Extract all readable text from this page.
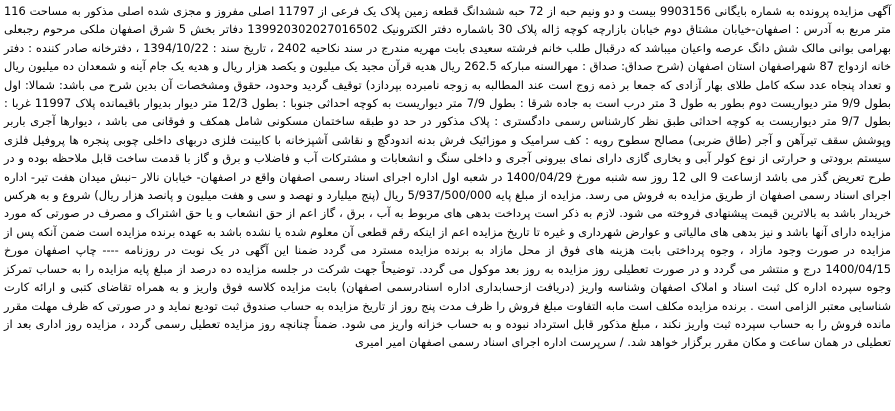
آگهی مزایده پرونده به شماره بایگانی 9903156 بیست و دو ونیم حبه از 72 حبه ششدانگ قطعه زمین پلاک یک فرعی از 11797 اصلی مفروز و مجزی شده اصلی مذکور به مساحت 116 متر مربع به آدرس : اصفهان-خیابان مشتاق دوم خیابان بازارچه کوچه ژاله پلاک 30 باشماره دفتر الکترونیک 139920302027016502 دفاتر بخش 5 شرق اصفهان ملکی مرحوم رجبعلی بهرامی بوانی مالک شش دانگ عرصه واعیان میباشد که درقبال طلب خانم فرشته سعیدی بابت مهریه مندرج در سند نکاحیه 2402 ، تاریخ سند : 1394/10/22 ، دفترخانه صادر کننده : دفتر خانه ازدواج 87 شهراصفهان استان اصفهان (شرح صداق: صداق : مهرالسنه مبارکه 262.5 ریال هدیه قرآن مجید یک میلیون و یکصد هزار ریال و هدیه یک جام آینه و شمعدان ده میلیون ریال و تعداد پنجاه عدد سکه کامل طلای بهار آزادی که جمعا بر ذمه زوج است عند المطالبه به زوجه نامبرده بپردازد) توقیف گردید وحدود، حقوق ومشخصات آن بدین شرح می باشد: شمالا: اول بطول 9/9 متر دیواریست دوم بطور به طول 3 متر درب است به جاده شرقا : بطول 7/9 متر دیواریست به کوچه احداثی جنوبا : بطول 12/3 متر دیوار بدیوار باقیمانده پلاک 11997 غربا : بطول 9/7 متر دیواریست به کوچه احداثی طبق نظر کارشناس رسمی دادگستری : پلاک مذکور در حد دو طبقه ساختمان مسکونی شامل همکف و فوقانی می باشد ، دیوارها آجری باربر وپوشش سقف تیرآهن و آجر (طاق ضربی) مصالح سطوح رویه : کف سرامیک و موزائیک فرش بدنه اندودگچ و نقاشی آشپزخانه با کابینت فلزی دربهای داخلی چوبی پنجره ها پروفیل فلزی سیستم برودتی و حرارتی از نوع کولر آبی و بخاری گازی دارای نمای بیرونی آجری و داخلی سنگ و انشعابات و مشترکات آب و فاضلاب و برق و گاز با قدمت ساخت قابل ملاحظه بوده و در طرح تعریض گذر می باشد ازساعت 9 الی 12 روز سه شنبه مورخ 1400/04/29 در شعبه اول اداره اجرای اسناد رسمی اصفهان واقع در اصفهان- خیابان نالار –نبش میدان هفت تیر- اداره اجرای اسناد رسمی اصفهان از طریق مزایده به فروش می رسد. مزایده از مبلغ پایه 5/937/500/000 ریال (پنج میلیارد و نهصد و سی و هفت میلیون و پانصد هزار ریال) شروع و به هرکس خریدار باشد به بالاترین قیمت پیشنهادی فروخته می شود. لازم به ذکر است پرداخت بدهی های مربوط به آب ، برق ، گاز اعم از حق انشعاب و یا حق اشتراک و مصرف در صورتی که مورد مزایده دارای آنها باشد و نیز بدهی های مالیاتی و عوارض شهرداری و غیره تا تاریخ مزایده اعم از اینکه رقم قطعی آن معلوم شده یا نشده باشد به عهده برنده مزایده است ضمن آنکه پس از مزایده در صورت وجود مازاد ، وجوه پرداختی بابت هزینه های فوق از محل مازاد به برنده مزایده مسترد می گردد ضمنا این آگهی در یک نوبت در روزنامه ---- چاپ اصفهان مورخ 1400/04/15 درج و منتشر می گردد و در صورت تعطیلی روز مزایده به روز بعد موکول می گردد. توضیحاً جهت شرکت در جلسه مزایده ده درصد از مبلغ پایه مزایده را به حساب تمرکز وجوه سپرده اداره کل ثبت اسناد و املاک اصفهان وشناسه واریز (دریافت ازحسابداری اداره اسنادرسمی اصفهان) بابت مزایده کلاسه فوق واریز و به همراه تقاضای کتبی و ارائه کارت شناسایی معتبر الزامی است . برنده مزایده مکلف است مابه التفاوت مبلغ فروش را ظرف مدت پنج روز از تاریخ مزایده به حساب صندوق ثبت تودیع نماید و در صورتی که ظرف مهلت مقرر مانده فروش را به حساب سپرده ثبت واریز نکند ، مبلغ مذکور قابل استرداد نبوده و به حساب خزانه واریز می شود. ضمناً چنانچه روز مزایده تعطیل رسمی گردد ، مزایده روز اداری بعد از تعطیلی در همان ساعت و مکان مقرر برگزار خواهد شد. / سرپرست اداره اجرای اسناد رسمی اصفهان امیر امیری
